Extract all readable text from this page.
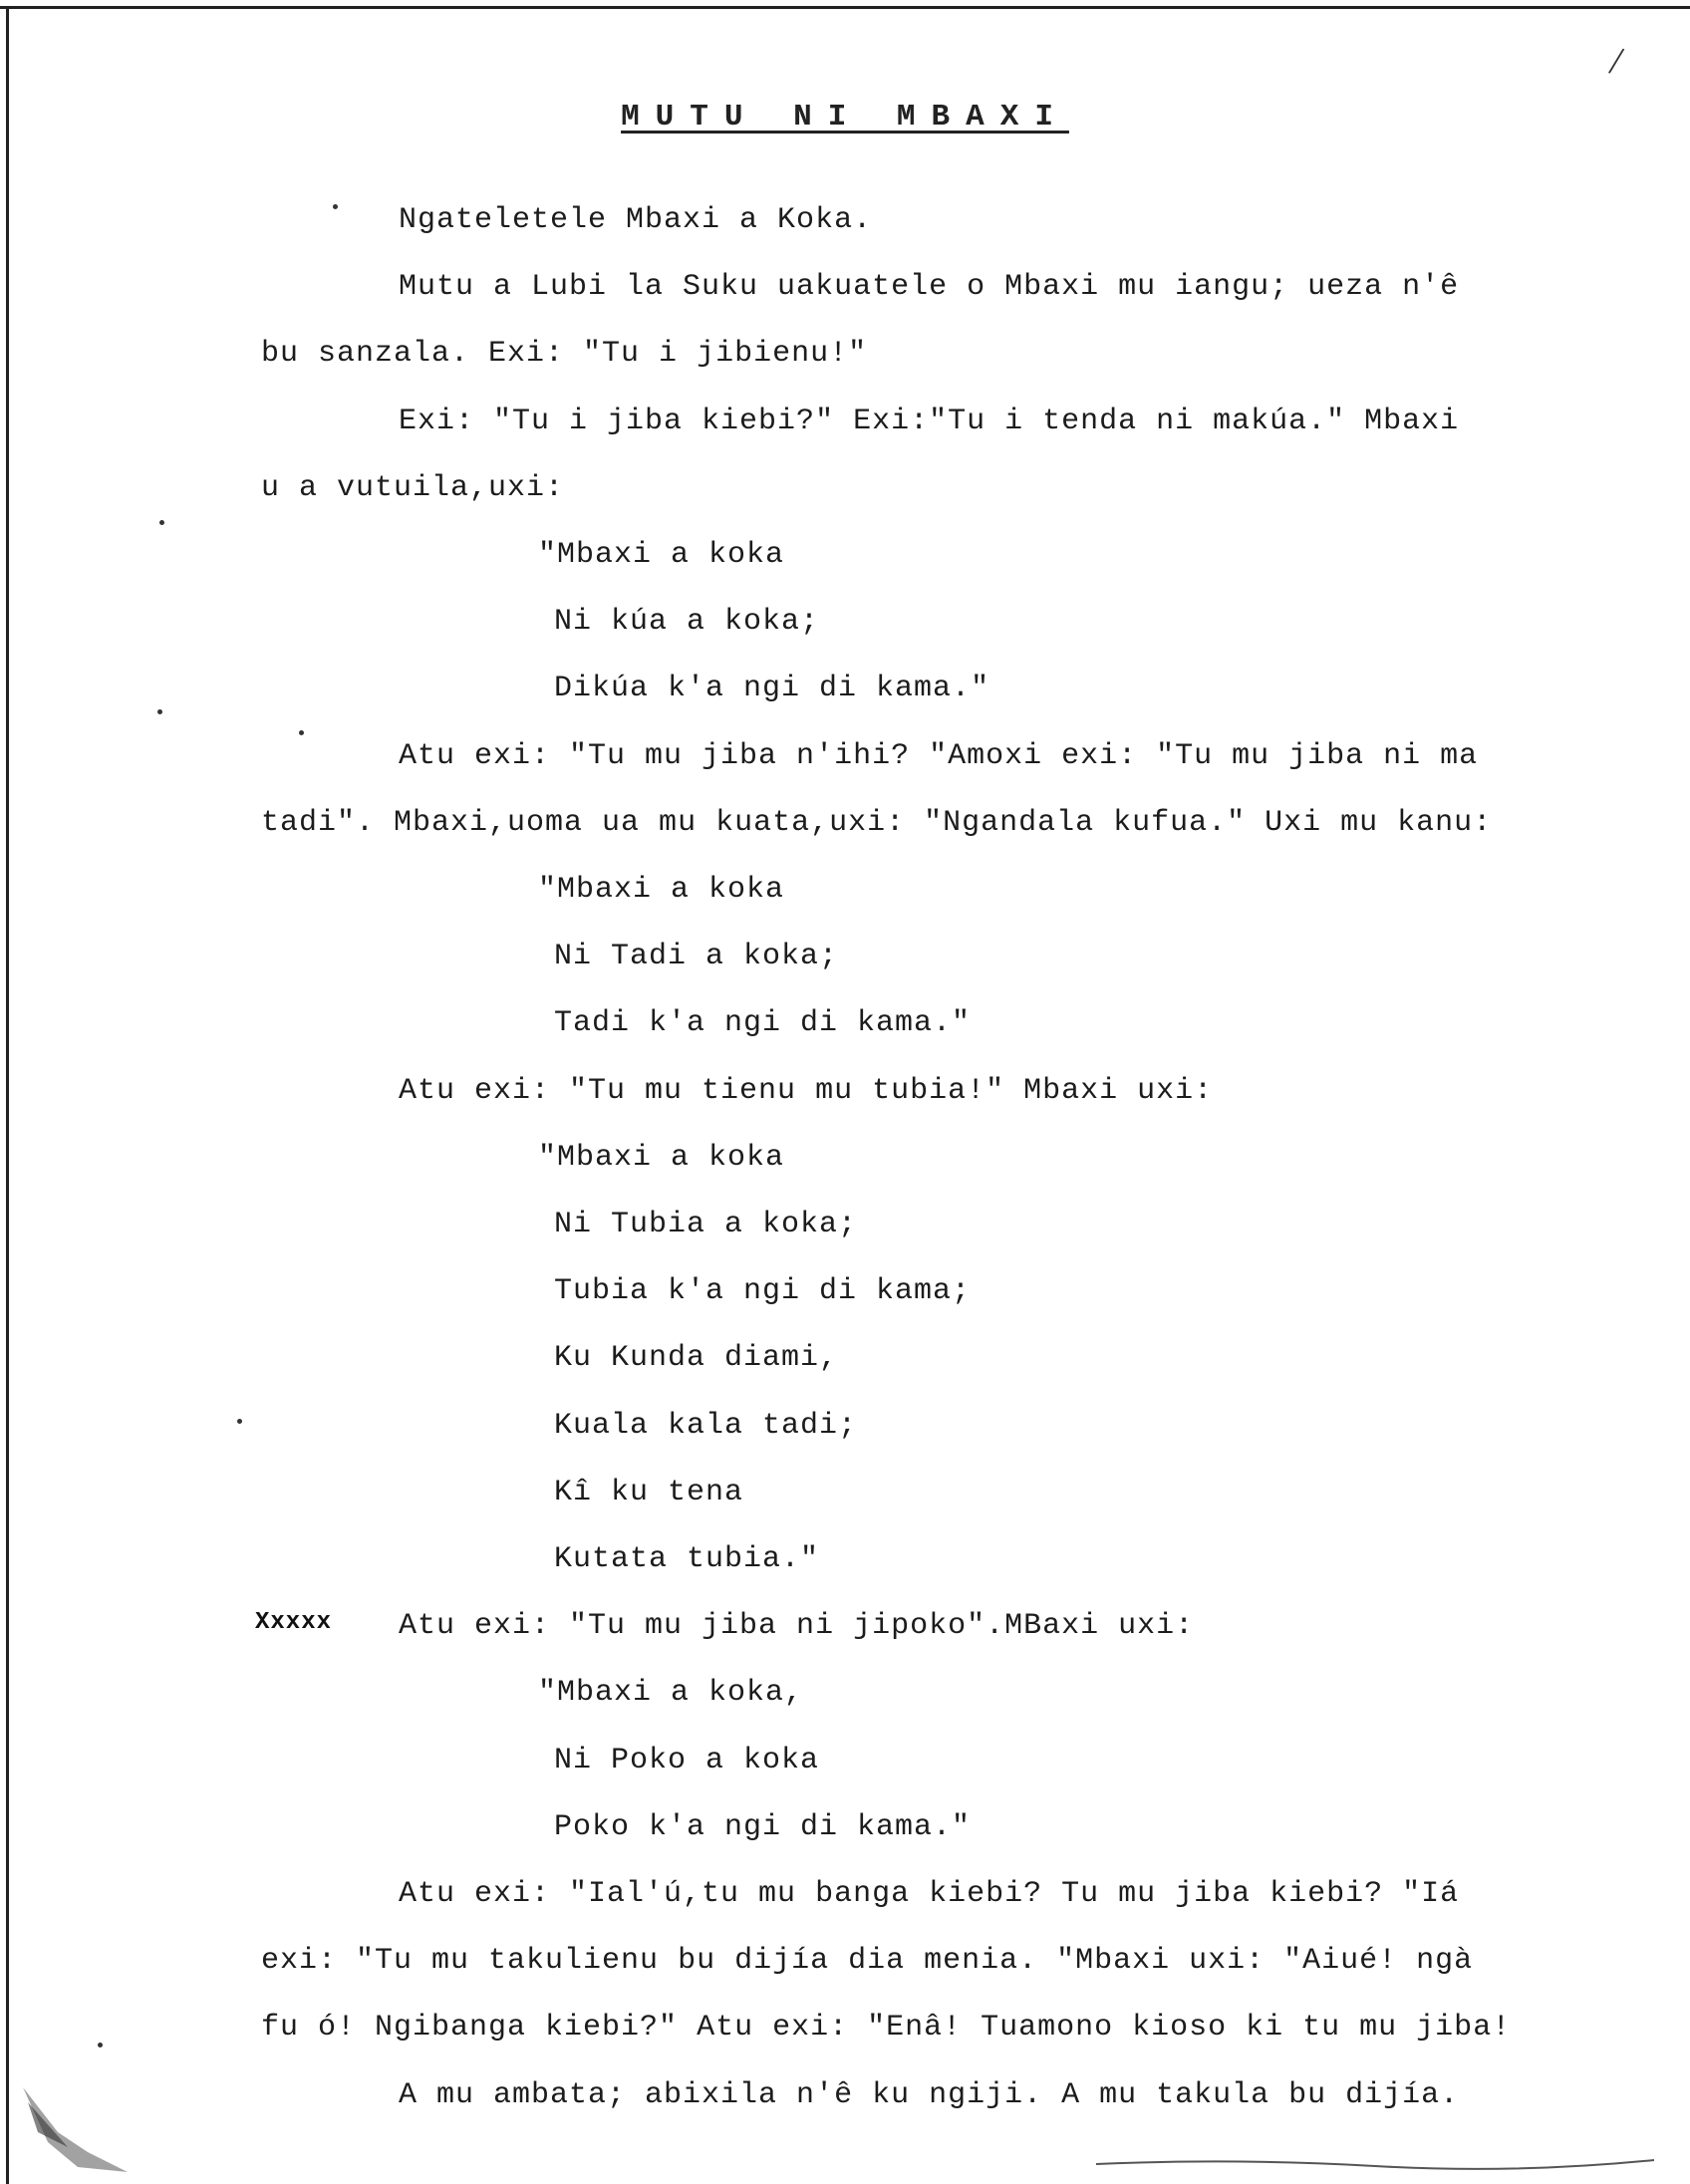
/
MUTU NI MBAXI
Ngateletele Mbaxi a Koka.
Mutu a Lubi la Suku uakuatele o Mbaxi mu iangu; ueza n'ê
bu sanzala. Exi: "Tu i jibienu!"
Exi: "Tu i jiba kiebi?" Exi:"Tu i tenda ni makúa." Mbaxi
u a vutuila,uxi:
"Mbaxi a koka
Ni kúa a koka;
Dikúa k'a ngi di kama."
Atu exi: "Tu mu jiba n'ihi? "Amoxi exi: "Tu mu jiba ni ma
tadi". Mbaxi,uoma ua mu kuata,uxi: "Ngandala kufua." Uxi mu kanu:
"Mbaxi a koka
Ni Tadi a koka;
Tadi k'a ngi di kama."
Atu exi: "Tu mu tienu mu tubia!" Mbaxi uxi:
"Mbaxi a koka
Ni Tubia a koka;
Tubia k'a ngi di kama;
Ku Kunda diami,
Kuala kala tadi;
Kî ku tena
Kutata tubia."
Xxxxx Atu exi: "Tu mu jiba ni jipoko".MBaxi uxi:
"Mbaxi a koka,
Ni Poko a koka
Poko k'a ngi di kama."
Atu exi: "Ial'ú,tu mu banga kiebi? Tu mu jiba kiebi? "Iá
exi: "Tu mu takulienu bu dijía dia menia. "Mbaxi uxi: "Aiué! ngà
fu ó! Ngibanga kiebi?" Atu exi: "Enâ! Tuamono kioso ki tu mu jiba!
A mu ambata; abixila n'ê ku ngiji. A mu takula bu dijía.
